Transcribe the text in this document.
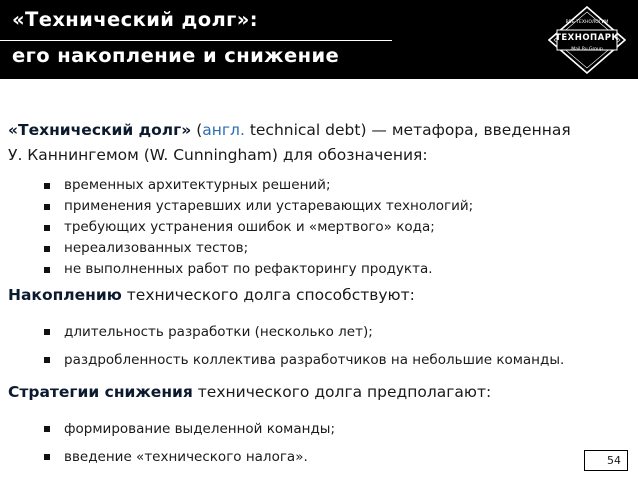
«Технический долг»:
его накопление и снижение
ВЕБ-ТЕХНОЛОГИИ
ТЕХНОПАРК
Mail.Ru Group
«Технический долг» (англ. technical debt) — метафора, введенная
У. Каннингемом (W. Cunningham) для обозначения:
временных архитектурных решений;
применения устаревших или устаревающих технологий;
требующих устранения ошибок и «мертвого» кода;
нереализованных тестов;
не выполненных работ по рефакторингу продукта.
Накоплению технического долга способствуют:
длительность разработки (несколько лет);
раздробленность коллектива разработчиков на небольшие команды.
Стратегии снижения технического долга предполагают:
формирование выделенной команды;
введение «технического налога».	54
